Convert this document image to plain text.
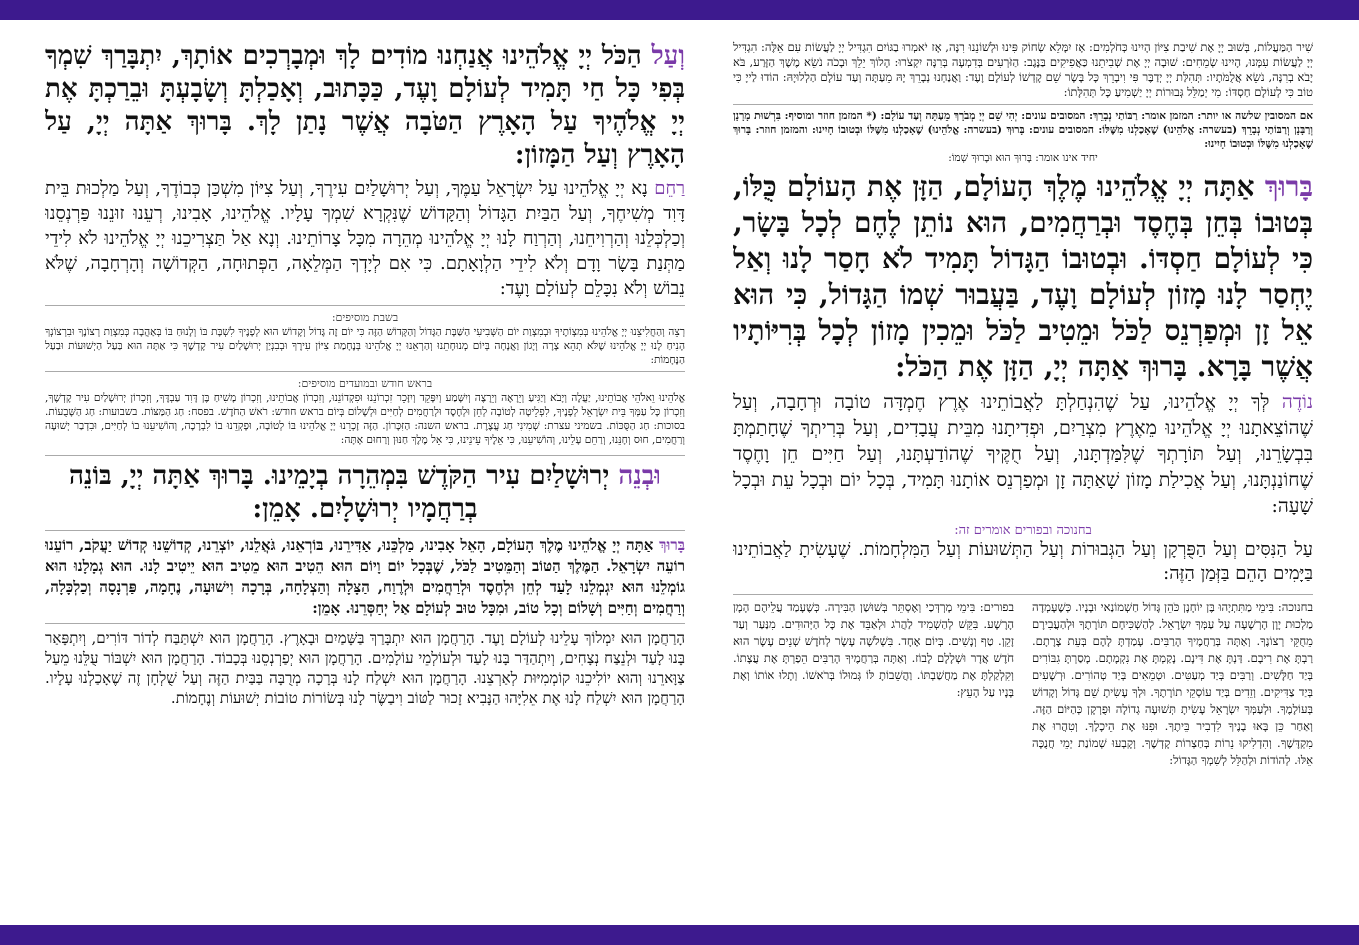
וְעַל הַכֹּל יְיָ אֱלֹהֵינוּ אֲנַחְנוּ מוֹדִים לָךְ וּמְבָרְכִים אוֹתָךְ, יִתְבָּרַךְ שִׁמְךָ בְּפִי כָּל חַי תָּמִיד לְעוֹלָם וָעֶד, כַּכָּתוּב, וְאָכַלְתָּ וְשָׂבָעְתָּ וּבֵרַכְתָּ אֶת יְיָ אֱלֹהֶיךָ עַל הָאָרֶץ הַטֹּבָה אֲשֶׁר נָתַן לָךְ. בָּרוּךְ אַתָּה יְיָ, עַל הָאָרֶץ וְעַל הַמָּזוֹן:

רַחֵם נָא יְיָ אֱלֹהֵינוּ עַל יִשְׂרָאֵל עַמֶּךָ, וְעַל יְרוּשָׁלַיִם עִירֶךָ, וְעַל צִיּוֹן מִשְׁכַּן כְּבוֹדֶךָ, וְעַל מַלְכוּת בֵּית דָּוִד מְשִׁיחֶךָ, וְעַל הַבַּיִת הַגָּדוֹל וְהַקָּדוֹשׁ שֶׁנִּקְרָא שִׁמְךָ עָלָיו. אֱלֹהֵינוּ, אָבִינוּ, רְעֵנוּ זוּנֵנוּ פַּרְנְסֵנוּ וְכַלְכְּלֵנוּ וְהַרְוִיחֵנוּ, וְהַרְוַח לָנוּ יְיָ אֱלֹהֵינוּ מְהֵרָה מִכָּל צָרוֹתֵינוּ. וְנָא אַל תַּצְרִיכֵנוּ יְיָ אֱלֹהֵינוּ לֹא לִידֵי מַתְּנַת בָּשָׂר וָדָם וְלֹא לִידֵי הַלְוָאָתָם. כִּי אִם לְיָדְךָ הַמְּלֵאָה, הַפְּתוּחָה, הַקְּדוֹשָׁה וְהָרְחָבָה, שֶׁלֹּא נֵבוֹשׁ וְלֹא נִכָּלֵם לְעוֹלָם וָעֶד:

בשבת מוסיפים:

רְצֵה וְהַחֲלִיצֵנוּ יְיָ אֱלֹהֵינוּ בְּמִצְוֹתֶיךָ וּבְמִצְוַת יוֹם הַשְּׁבִיעִי הַשַּׁבָּת הַגָּדוֹל וְהַקָּדוֹשׁ הַזֶּה כִּי יוֹם זֶה גָּדוֹל וְקָדוֹשׁ הוּא לְפָנֶיךָ לִשְׁבָּת בּוֹ וְלָנוּחַ בּוֹ בְּאַהֲבָה כְּמִצְוַת רְצוֹנֶךָ וּבִרְצוֹנְךָ הָנִיחַ לָנוּ יְיָ אֱלֹהֵינוּ שֶׁלֹּא תְהֵא צָרָה וְיָגוֹן וַאֲנָחָה בְּיוֹם מְנוּחָתֵנוּ וְהַרְאֵנוּ יְיָ אֱלֹהֵינוּ בְּנֶחָמַת צִיּוֹן עִירֶךָ וּבְבִנְיַן יְרוּשָׁלַיִם עִיר קָדְשֶׁךָ כִּי אַתָּה הוּא בַּעַל הַיְשׁוּעוֹת וּבַעַל הַנֶּחָמוֹת:

בראש חודש ובמועדים מוסיפים:

אֱלֹהֵינוּ וֵאלֹהֵי אֲבוֹתֵינוּ, יַעֲלֶה וְיָבֹא וְיַגִּיעַ וְיֵרָאֶה וְיֵרָצֶה וְיִשָּׁמַע וְיִפָּקֵד וְיִזָּכֵר זִכְרוֹנֵנוּ וּפִקְדוֹנֵנוּ, וְזִכְרוֹן אֲבוֹתֵינוּ, וְזִכְרוֹן מָשִׁיחַ בֶּן דָּוִד עַבְדֶּךָ, וְזִכְרוֹן יְרוּשָׁלַיִם עִיר קָדְשֶׁךָ, וְזִכְרוֹן כָּל עַמְּךָ בֵּית יִשְׂרָאֵל לְפָנֶיךָ, לִפְלֵיטָה לְטוֹבָה לְחֵן וּלְחֶסֶד וּלְרַחֲמִים לְחַיִּים וּלְשָׁלוֹם בְּיוֹם בראש חודש: רֹאשׁ הַחֹדֶשׁ. בפסח: חַג הַמַּצּוֹת. בשבועות: חַג הַשָּׁבֻעוֹת. בסוכות: חַג הַסֻּכּוֹת. בשמיני עצרת: שְׁמִינִי חַג עֲצֶרֶת. בראש השנה: הַזִּכָּרוֹן. הַזֶּה זָכְרֵנוּ יְיָ אֱלֹהֵינוּ בּוֹ לְטוֹבָה, וּפָקְדֵנוּ בוֹ לִבְרָכָה, וְהוֹשִׁיעֵנוּ בוֹ לְחַיִּים, וּבִדְבַר יְשׁוּעָה וְרַחֲמִים, חוּס וְחָנֵּנוּ, וְרַחֵם עָלֵינוּ, וְהוֹשִׁיעֵנוּ, כִּי אֵלֶיךָ עֵינֵינוּ, כִּי אֵל מֶלֶךְ חַנּוּן וְרַחוּם אָתָּה:

וּבְנֵה יְרוּשָׁלַיִם עִיר הַקֹּדֶשׁ בִּמְהֵרָה בְיָמֵינוּ. בָּרוּךְ אַתָּה יְיָ, בּוֹנֵה בְרַחֲמָיו יְרוּשָׁלָיִם. אָמֵן:

בָּרוּךְ אַתָּה יְיָ אֱלֹהֵינוּ מֶלֶךְ הָעוֹלָם, הָאֵל אָבִינוּ, מַלְכֵּנוּ, אַדִּירֵנוּ, בּוֹרְאֵנוּ, גֹּאֲלֵנוּ, יוֹצְרֵנוּ, קְדוֹשֵׁנוּ קְדוֹשׁ יַעֲקֹב, רוֹעֵנוּ רוֹעֵה יִשְׂרָאֵל. הַמֶּלֶךְ הַטּוֹב וְהַמֵּטִיב לַכֹּל, שֶׁבְּכָל יוֹם וָיוֹם הוּא הֵטִיב הוּא מֵטִיב הוּא יֵיטִיב לָנוּ. הוּא גְמָלָנוּ הוּא גוֹמְלֵנוּ הוּא יִגְמְלֵנוּ לָעַד לְחֵן וּלְחֶסֶד וּלְרַחֲמִים וּלְרֶוַח, הַצָּלָה וְהַצְלָחָה, בְּרָכָה וִישׁוּעָה, נֶחָמָה, פַּרְנָסָה וְכַלְכָּלָה, וְרַחֲמִים וְחַיִּים וְשָׁלוֹם וְכָל טוֹב, וּמִכָּל טוּב לְעוֹלָם אַל יְחַסְּרֵנוּ. אָמֵן:

הָרַחֲמָן הוּא יִמְלוֹךְ עָלֵינוּ לְעוֹלָם וָעֶד. הָרַחֲמָן הוּא יִתְבָּרַךְ בַּשָּׁמַיִם וּבָאָרֶץ. הָרַחֲמָן הוּא יִשְׁתַּבַּח לְדוֹר דּוֹרִים, וְיִתְפָּאַר בָּנוּ לָעַד וּלְנֵצַח נְצָחִים, וְיִתְהַדַּר בָּנוּ לָעַד וּלְעוֹלְמֵי עוֹלָמִים. הָרַחֲמָן הוּא יְפַרְנְסֵנוּ בְּכָבוֹד. הָרַחֲמָן הוּא יִשְׁבּוֹר עֻלֵּנוּ מֵעַל צַוָּארֵנוּ וְהוּא יוֹלִיכֵנוּ קוֹמְמִיּוּת לְאַרְצֵנוּ. הָרַחֲמָן הוּא יִשְׁלַח לָנוּ בְּרָכָה מְרֻבָּה בַּבַּיִת הַזֶּה וְעַל שֻׁלְחָן זֶה שֶׁאָכַלְנוּ עָלָיו. הָרַחֲמָן הוּא יִשְׁלַח לָנוּ אֶת אֵלִיָּהוּ הַנָּבִיא זָכוּר לַטּוֹב וִיבַשֶּׂר לָנוּ בְּשׂוֹרוֹת טוֹבוֹת יְשׁוּעוֹת וְנֶחָמוֹת.

שִׁיר הַמַּעֲלוֹת, בְּשׁוּב יְיָ אֶת שִׁיבַת צִיּוֹן הָיִינוּ כְּחֹלְמִים: אָז יִמָּלֵא שְׂחוֹק פִּינוּ וּלְשׁוֹנֵנוּ רִנָּה, אָז יֹאמְרוּ בַגּוֹיִם הִגְדִּיל יְיָ לַעֲשׂוֹת עִם אֵלֶּה: הִגְדִּיל יְיָ לַעֲשׂוֹת עִמָּנוּ, הָיִינוּ שְׂמֵחִים: שׁוּבָה יְיָ אֶת שְׁבִיתֵנוּ כַּאֲפִיקִים בַּנֶּגֶב: הַזֹּרְעִים בְּדִמְעָה בְּרִנָּה יִקְצֹרוּ: הָלוֹךְ יֵלֵךְ וּבָכֹה נֹשֵׂא מֶשֶׁךְ הַזָּרַע, בֹּא יָבֹא בְרִנָּה, נֹשֵׂא אֲלֻמֹּתָיו: תְּהִלַּת יְיָ יְדַבֶּר פִּי וִיבָרֵךְ כָּל בָּשָׂר שֵׁם קָדְשׁוֹ לְעוֹלָם וָעֶד: וַאֲנַחְנוּ נְבָרֵךְ יָהּ מֵעַתָּה וְעַד עוֹלָם הַלְלוּיָהּ: הוֹדוּ לַייָ כִּי טוֹב כִּי לְעוֹלָם חַסְדּוֹ: מִי יְמַלֵּל גְּבוּרוֹת יְיָ יַשְׁמִיעַ כָּל תְּהִלָּתוֹ:

אם המסובין שלשה או יותר: המזמן אומר: רַבּוֹתַי נְבָרֵךְ: המסובים עונים: יְהִי שֵׁם יְיָ מְבֹרָךְ מֵעַתָּה וְעַד עוֹלָם: (* המזמן חוזר ומוסיף: בִּרְשׁוּת מָרָנָן וְרַבָּנָן וְרַבּוֹתַי נְבָרֵךְ (בעשרה: אֱלֹהֵינוּ) שֶׁאָכַלְנוּ מִשֶּׁלּוֹ: המסובים עונים: בָּרוּךְ (בעשרה: אֱלֹהֵינוּ) שֶׁאָכַלְנוּ מִשֶּׁלּוֹ וּבְטוּבוֹ חָיִינוּ: והמזמן חוזר: בָּרוּךְ שֶׁאָכַלְנוּ מִשֶּׁלּוֹ וּבְטוּבוֹ חָיִינוּ:

יחיד אינו אומר: בָּרוּךְ הוּא וּבָרוּךְ שְׁמוֹ:

בָּרוּךְ אַתָּה יְיָ אֱלֹהֵינוּ מֶלֶךְ הָעוֹלָם, הַזָּן אֶת הָעוֹלָם כֻּלּוֹ, בְּטוּבוֹ בְּחֵן בְּחֶסֶד וּבְרַחֲמִים, הוּא נוֹתֵן לֶחֶם לְכָל בָּשָׂר, כִּי לְעוֹלָם חַסְדּוֹ. וּבְטוּבוֹ הַגָּדוֹל תָּמִיד לֹא חָסַר לָנוּ וְאַל יֶחְסַר לָנוּ מָזוֹן לְעוֹלָם וָעֶד, בַּעֲבוּר שְׁמוֹ הַגָּדוֹל, כִּי הוּא אֵל זָן וּמְפַרְנֵס לַכֹּל וּמֵטִיב לַכֹּל וּמֵכִין מָזוֹן לְכָל בְּרִיּוֹתָיו אֲשֶׁר בָּרָא. בָּרוּךְ אַתָּה יְיָ, הַזָּן אֶת הַכֹּל:

נוֹדֶה לְּךָ יְיָ אֱלֹהֵינוּ, עַל שֶׁהִנְחַלְתָּ לַאֲבוֹתֵינוּ אֶרֶץ חֶמְדָּה טוֹבָה וּרְחָבָה, וְעַל שֶׁהוֹצֵאתָנוּ יְיָ אֱלֹהֵינוּ מֵאֶרֶץ מִצְרַיִם, וּפְדִיתָנוּ מִבֵּית עֲבָדִים, וְעַל בְּרִיתְךָ שֶׁחָתַמְתָּ בִּבְשָׂרֵנוּ, וְעַל תּוֹרָתְךָ שֶׁלִּמַּדְתָּנוּ, וְעַל חֻקֶּיךָ שֶׁהוֹדַעְתָּנוּ, וְעַל חַיִּים חֵן וָחֶסֶד שֶׁחוֹנַנְתָּנוּ, וְעַל אֲכִילַת מָזוֹן שָׁאַתָּה זָן וּמְפַרְנֵס אוֹתָנוּ תָּמִיד, בְּכָל יוֹם וּבְכָל עֵת וּבְכָל שָׁעָה:

בחנוכה ובפורים אומרים זה:

עַל הַנִּסִּים וְעַל הַפֻּרְקָן וְעַל הַגְּבוּרוֹת וְעַל הַתְּשׁוּעוֹת וְעַל הַמִּלְחָמוֹת. שֶׁעָשִׂיתָ לַאֲבוֹתֵינוּ בַּיָּמִים הָהֵם בַּזְּמַן הַזֶּה:

בחנוכה: בִּימֵי מַתִּתְיָהוּ בֶּן יוֹחָנָן כֹּהֵן גָּדוֹל חַשְׁמוֹנַאי וּבָנָיו. כְּשֶׁעָמְדָה מַלְכוּת יָוָן הָרְשָׁעָה עַל עַמְּךָ יִשְׂרָאֵל. לְהַשְׁכִּיחָם תּוֹרָתֶךָ וּלְהַעֲבִירָם מֵחֻקֵּי רְצוֹנֶךָ. וְאַתָּה בְּרַחֲמֶיךָ הָרַבִּים. עָמַדְתָּ לָהֶם בְּעֵת צָרָתָם. רַבְתָּ אֶת רִיבָם. דַּנְתָּ אֶת דִּינָם. נָקַמְתָּ אֶת נִקְמָתָם. מָסַרְתָּ גִבּוֹרִים בְּיַד חַלָּשִׁים. וְרַבִּים בְּיַד מְעַטִּים. וּטְמֵאִים בְּיַד טְהוֹרִים. וּרְשָׁעִים בְּיַד צַדִּיקִים. וְזֵדִים בְּיַד עוֹסְקֵי תוֹרָתֶךָ. וּלְךָ עָשִׂיתָ שֵׁם גָּדוֹל וְקָדוֹשׁ בְּעוֹלָמֶךָ. וּלְעַמְּךָ יִשְׂרָאֵל עָשִׂיתָ תְּשׁוּעָה גְדוֹלָה וּפֻרְקָן כְּהַיּוֹם הַזֶּה. וְאַחַר כֵּן בָּאוּ בָנֶיךָ לִדְבִיר בֵּיתֶךָ. וּפִנּוּ אֶת הֵיכָלֶךָ. וְטִהֲרוּ אֶת מִקְדָּשֶׁךָ. וְהִדְלִיקוּ נֵרוֹת בְּחַצְרוֹת קָדְשֶׁךָ. וְקָבְעוּ שְׁמוֹנַת יְמֵי חֲנֻכָּה אֵלּוּ. לְהוֹדוֹת וּלְהַלֵּל לְשִׁמְךָ הַגָּדוֹל:
בפורים: בִּימֵי מָרְדְּכַי וְאֶסְתֵּר בְּשׁוּשַׁן הַבִּירָה. כְּשֶׁעָמַד עֲלֵיהֶם הָמָן הָרָשָׁע. בִּקֵּשׁ לְהַשְׁמִיד לַהֲרֹג וּלְאַבֵּד אֶת כָּל הַיְּהוּדִים. מִנַּעַר וְעַד זָקֵן. טַף וְנָשִׁים. בְּיוֹם אֶחָד. בִּשְׁלֹשָׁה עָשָׂר לְחֹדֶשׁ שְׁנֵים עָשָׂר הוּא חֹדֶשׁ אֲדָר וּשְׁלָלָם לָבוֹז. וְאַתָּה בְּרַחֲמֶיךָ הָרַבִּים הֵפַרְתָּ אֶת עֲצָתוֹ. וְקִלְקַלְתָּ אֶת מַחֲשַׁבְתּוֹ. וַהֲשֵׁבוֹתָ לּוֹ גְּמוּלוֹ בְּרֹאשׁוֹ. וְתָלוּ אוֹתוֹ וְאֶת בָּנָיו עַל הָעֵץ:
